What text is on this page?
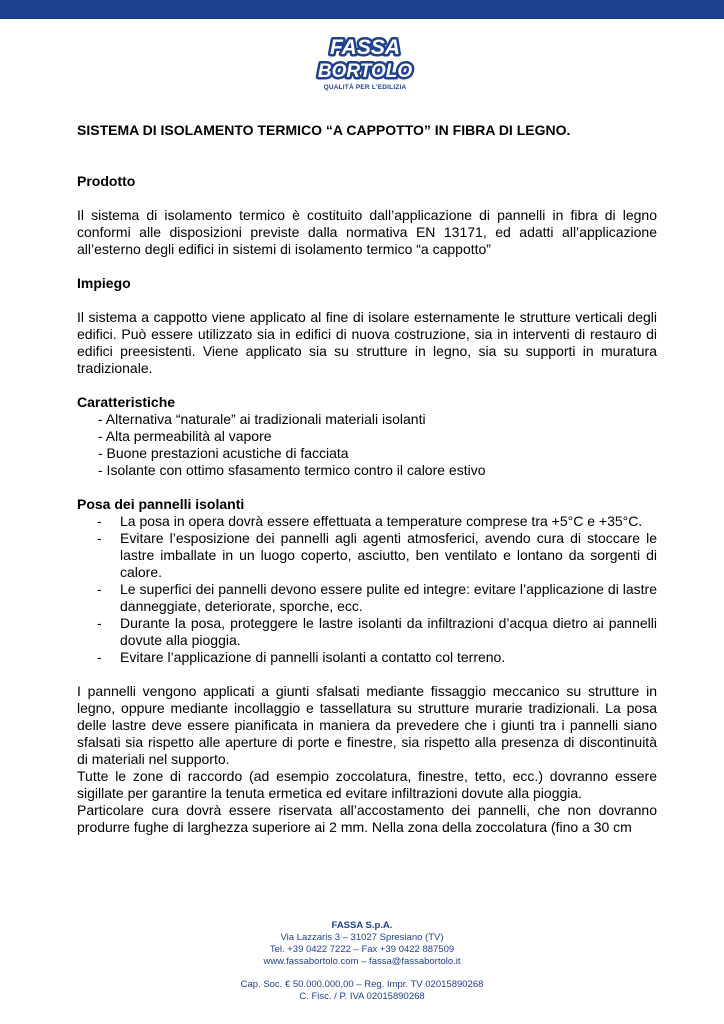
FASSA
BORTOLO
QUALITÀ PER L'EDILIZIA

SISTEMA DI ISOLAMENTO TERMICO “A CAPPOTTO” IN FIBRA DI LEGNO.

Prodotto

Il sistema di isolamento termico è costituito dall’applicazione di pannelli in fibra di legno conformi alle disposizioni previste dalla normativa EN 13171, ed adatti all’applicazione all’esterno degli edifici in sistemi di isolamento termico “a cappotto”

Impiego

Il sistema a cappotto viene applicato al fine di isolare esternamente le strutture verticali degli edifici. Può essere utilizzato sia in edifici di nuova costruzione, sia in interventi di restauro di edifici preesistenti. Viene applicato sia su strutture in legno, sia su supporti in muratura tradizionale.

Caratteristiche
- Alternativa “naturale” ai tradizionali materiali isolanti
- Alta permeabilità al vapore
- Buone prestazioni acustiche di facciata
- Isolante con ottimo sfasamento termico contro il calore estivo
Posa dei pannelli isolanti
- La posa in opera dovrà essere effettuata a temperature comprese tra +5°C e +35°C.
- Evitare l’esposizione dei pannelli agli agenti atmosferici, avendo cura di stoccare le lastre imballate in un luogo coperto, asciutto, ben ventilato e lontano da sorgenti di calore.
- Le superfici dei pannelli devono essere pulite ed integre: evitare l’applicazione di lastre danneggiate, deteriorate, sporche, ecc.
- Durante la posa, proteggere le lastre isolanti da infiltrazioni d’acqua dietro ai pannelli dovute alla pioggia.
- Evitare l’applicazione di pannelli isolanti a contatto col terreno.

I pannelli vengono applicati a giunti sfalsati mediante fissaggio meccanico su strutture in legno, oppure mediante incollaggio e tassellatura su strutture murarie tradizionali. La posa delle lastre deve essere pianificata in maniera da prevedere che i giunti tra i pannelli siano sfalsati sia rispetto alle aperture di porte e finestre, sia rispetto alla presenza di discontinuità di materiali nel supporto.

Tutte le zone di raccordo (ad esempio zoccolatura, finestre, tetto, ecc.) dovranno essere sigillate per garantire la tenuta ermetica ed evitare infiltrazioni dovute alla pioggia.

Particolare cura dovrà essere riservata all’accostamento dei pannelli, che non dovranno produrre fughe di larghezza superiore ai 2 mm. Nella zona della zoccolatura (fino a 30 cm

FASSA S.p.A.
Via Lazzaris 3 – 31027 Spresiano (TV)
Tel. +39 0422 7222 – Fax +39 0422 887509
www.fassabortolo.com – fassa@fassabortolo.it
Cap. Soc. € 50.000.000,00 – Reg. Impr. TV 02015890268
C. Fisc. / P. IVA 02015890268
